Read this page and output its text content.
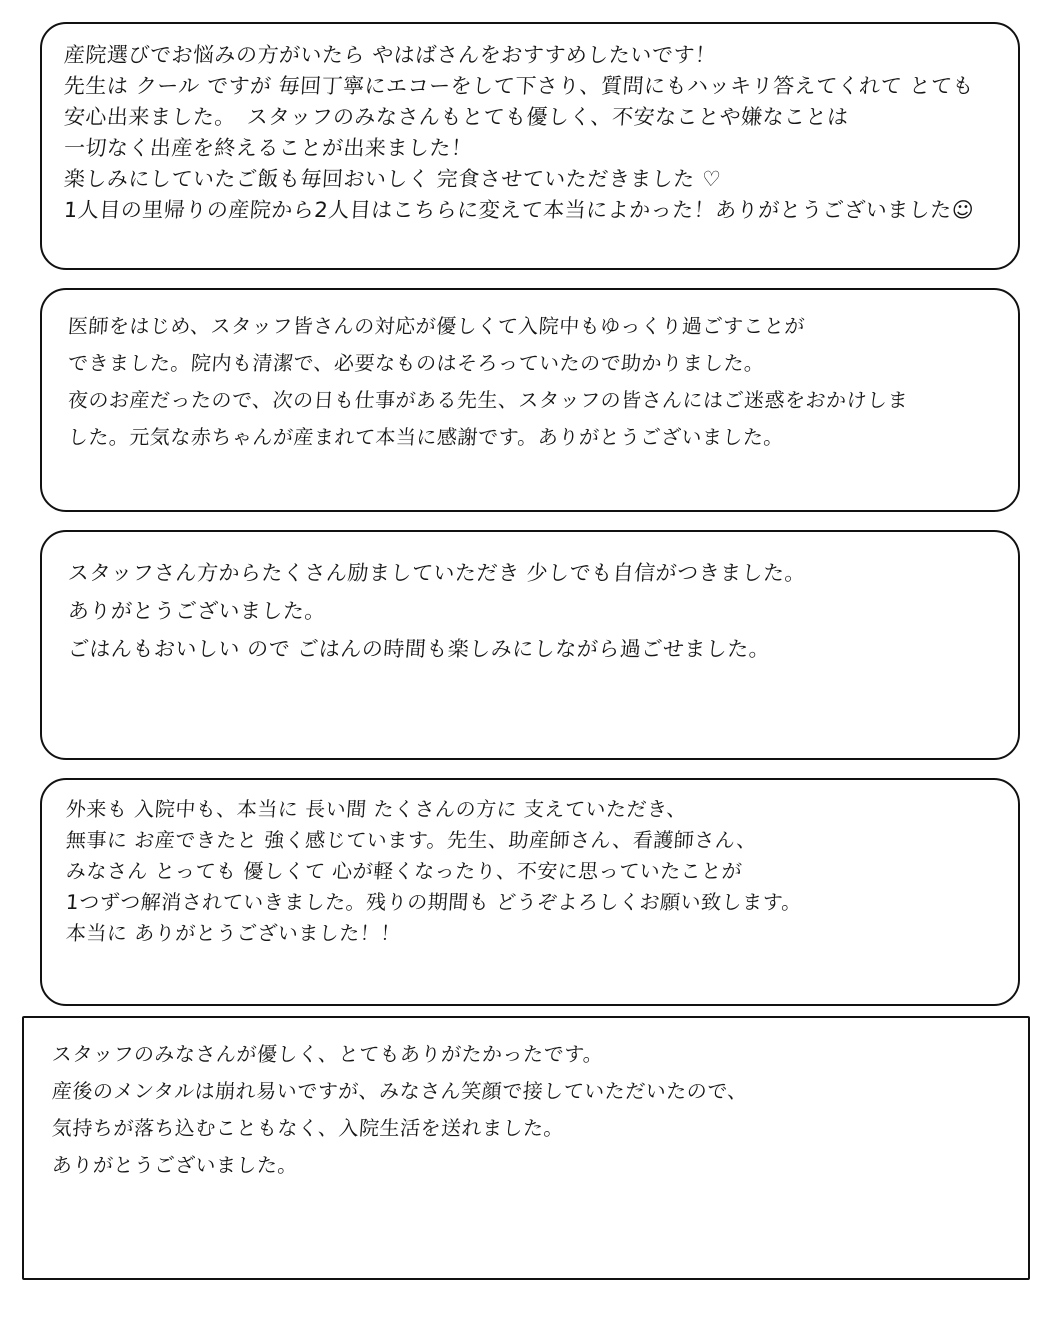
産院選びでお悩みの方がいたら やはばさんをおすすめしたいです！
先生は クール ですが 毎回丁寧にエコーをして下さり、質問にもハッキリ答えてくれて とても
安心出来ました。　スタッフのみなさんもとても優しく、不安なことや嫌なことは
一切なく出産を終えることが出来ました！
楽しみにしていたご飯も毎回おいしく 完食させていただきました ♡
1人目の里帰りの産院から2人目はこちらに変えて本当によかった！ありがとうございました☺
医師をはじめ、スタッフ皆さんの対応が優しくて入院中もゆっくり過ごすことが
できました。院内も清潔で、必要なものはそろっていたので助かりました。
夜のお産だったので、次の日も仕事がある先生、スタッフの皆さんにはご迷惑をおかけしま
した。元気な赤ちゃんが産まれて本当に感謝です。ありがとうございました。
スタッフさん方からたくさん励ましていただき 少しでも自信がつきました。
ありがとうございました。
ごはんもおいしい ので ごはんの時間も楽しみにしながら過ごせました。
外来も 入院中も、本当に 長い間 たくさんの方に 支えていただき、
無事に お産できたと 強く感じています。先生、助産師さん、看護師さん、
みなさん とっても 優しくて 心が軽くなったり、不安に思っていたことが
1つずつ解消されていきました。残りの期間も どうぞよろしくお願い致します。
本当に ありがとうございました！！
スタッフのみなさんが優しく、とてもありがたかったです。
産後のメンタルは崩れ易いですが、みなさん笑顔で接していただいたので、
気持ちが落ち込むこともなく、入院生活を送れました。
ありがとうございました。
